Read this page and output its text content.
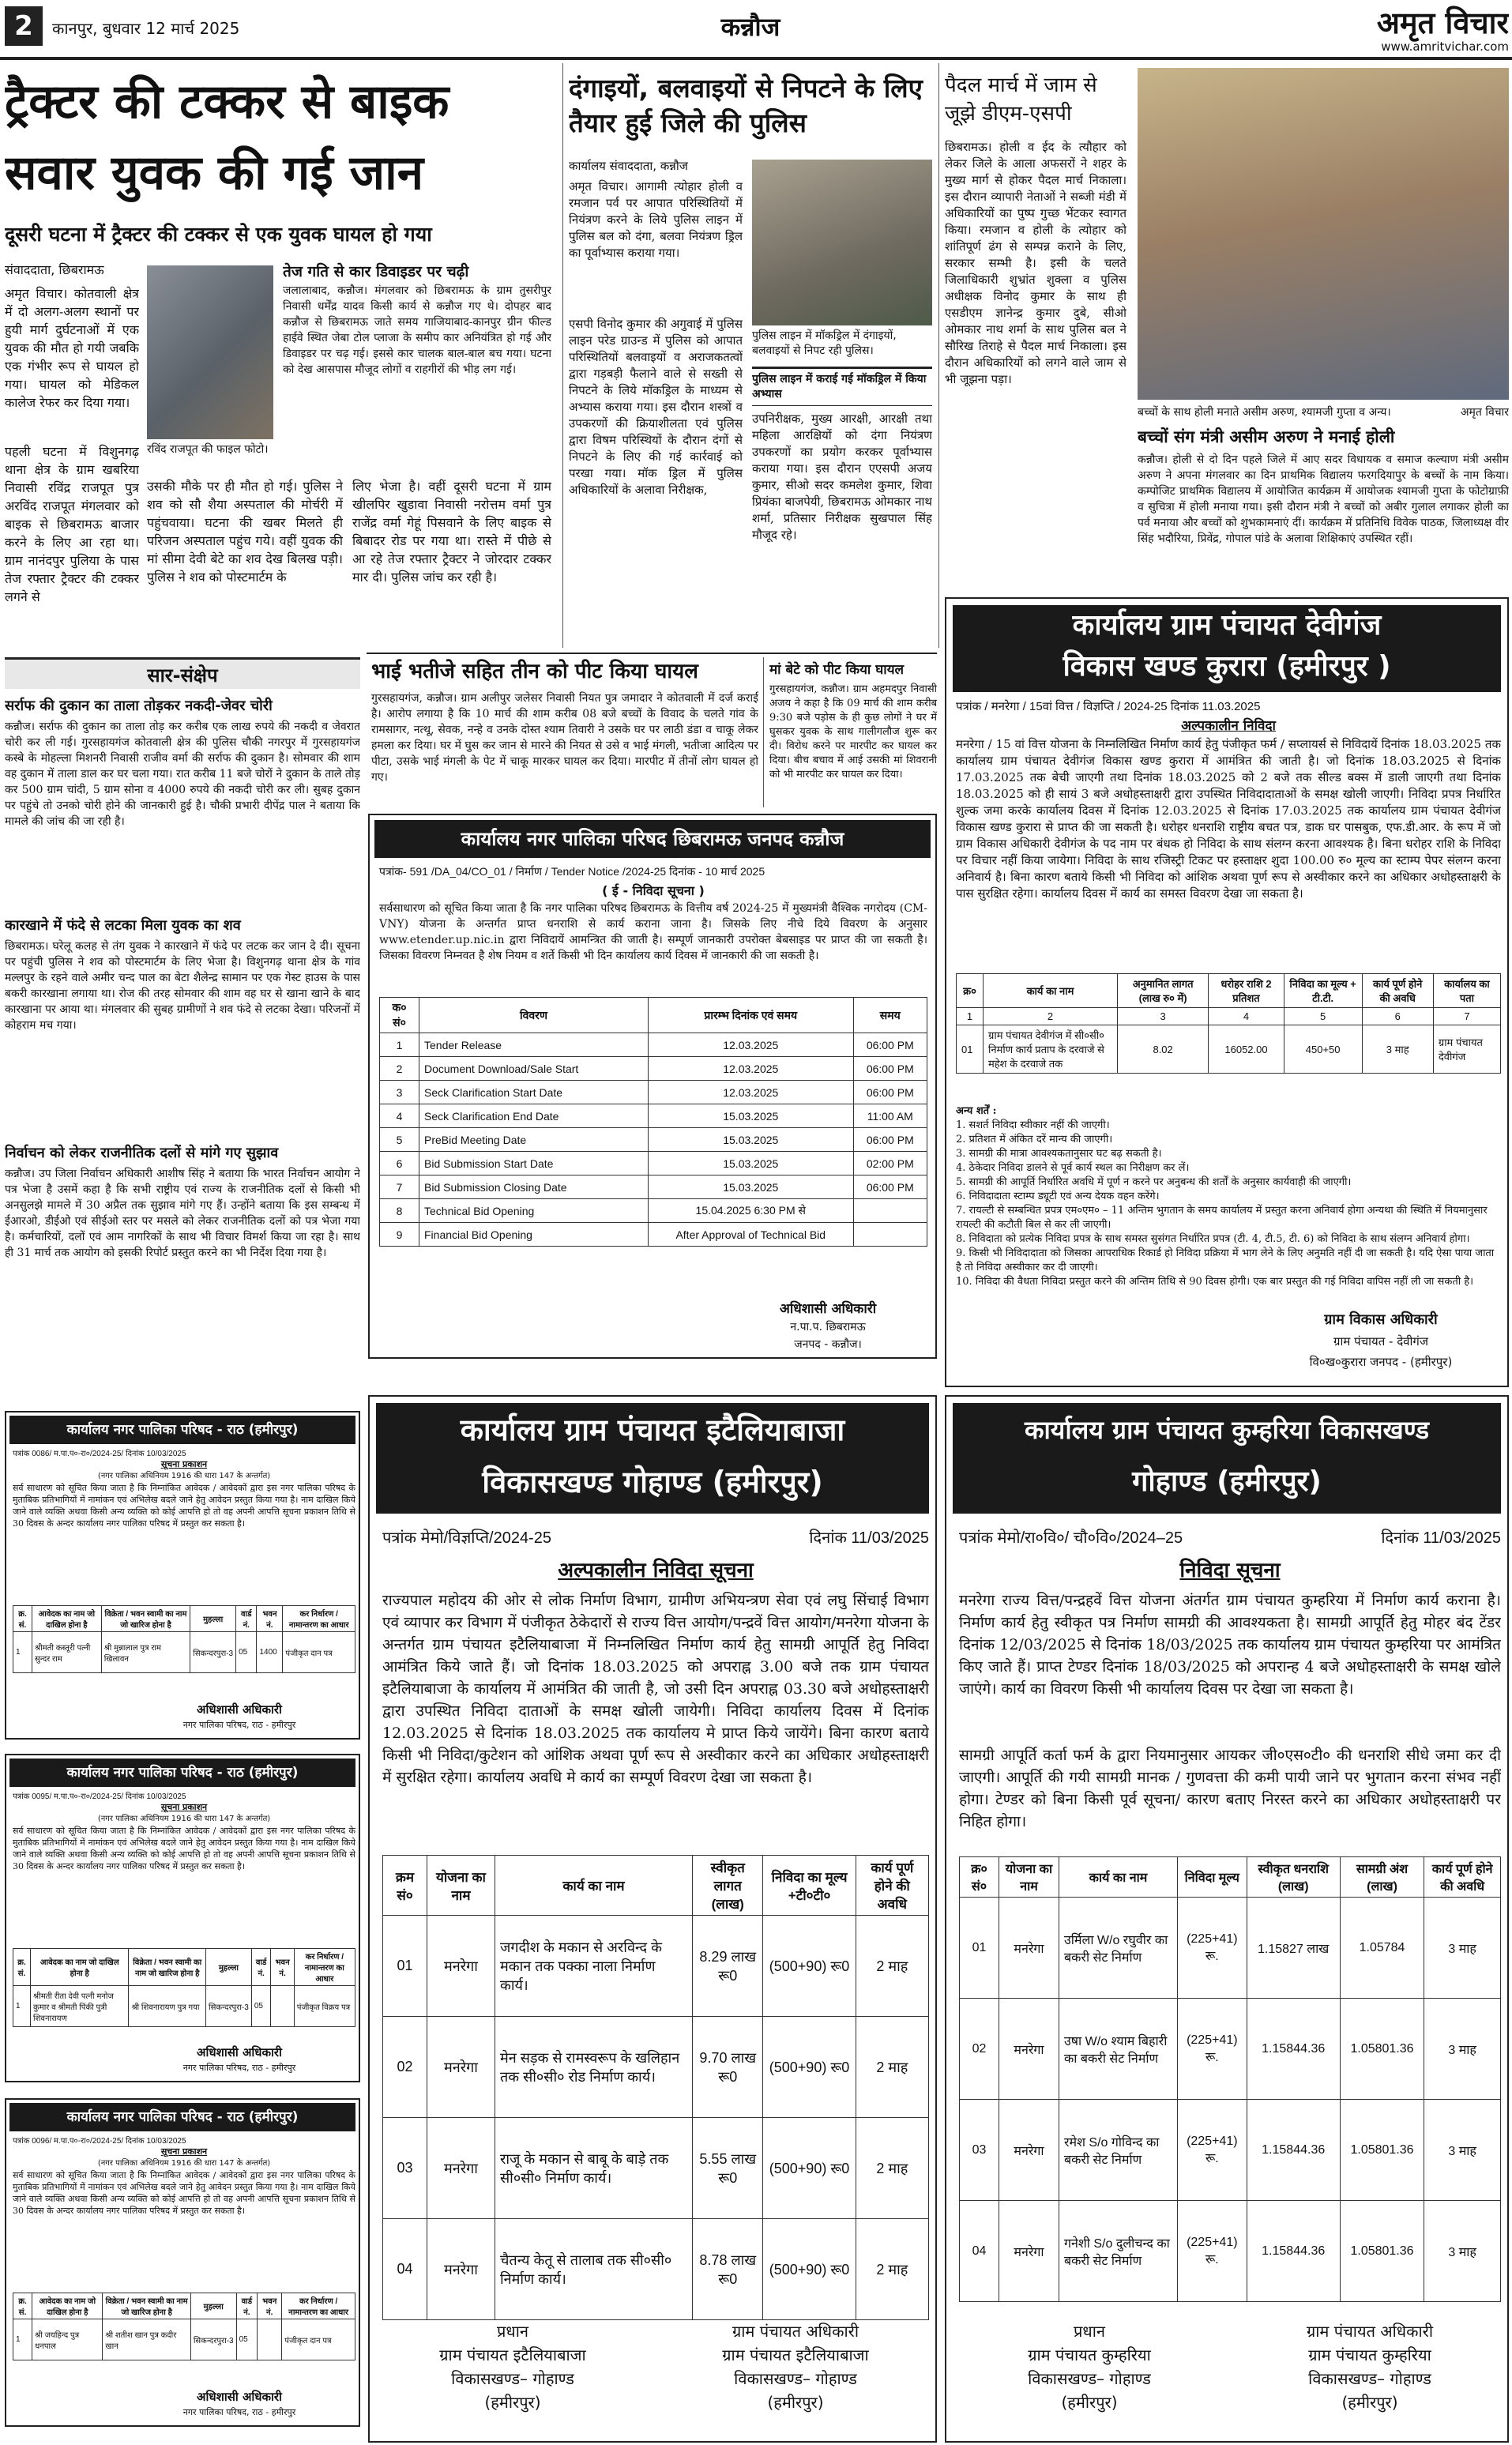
2	कानपुर, बुधवार 12 मार्च 2025	कन्नौज	अमृत विचार
www.amritvichar.com
ट्रैक्टर की टक्कर से बाइक
सवार युवक की गई जान
दूसरी घटना में ट्रैक्टर की टक्कर से एक युवक घायल हो गया
संवाददाता, छिबरामऊ
अमृत विचार। कोतवाली क्षेत्र में दो अलग-अलग स्थानों पर हुयी मार्ग दुर्घटनाओं में एक युवक की मौत हो गयी जबकि एक गंभीर रूप से घायल हो गया। घायल को मेडिकल कालेज रेफर कर दिया गया।
रविंद राजपूत की फाइल फोटो।
तेज गति से कार डिवाइडर पर चढ़ी
जलालाबाद, कन्नौज। मंगलवार को छिबरामऊ के ग्राम तुसरीपुर निवासी धर्मेंद्र यादव किसी कार्य से कन्नौज गए थे। दोपहर बाद कन्नौज से छिबरामऊ जाते समय गाजियाबाद-कानपुर ग्रीन फील्ड हाईवे स्थित जेबा टोल प्लाजा के समीप कार अनियंत्रित हो गई और डिवाइडर पर चढ़ गई। इससे कार चालक बाल-बाल बच गया। घटना को देख आसपास मौजूद लोगों व राहगीरों की भीड़ लग गई।
पहली घटना में विशुनगढ़ थाना क्षेत्र के ग्राम खबरिया निवासी रविंद्र राजपूत पुत्र अरविंद राजपूत मंगलवार को बाइक से छिबरामऊ बाजार करने के लिए आ रहा था। ग्राम नानंदपुर पुलिया के पास तेज रफ्तार ट्रैक्टर की टक्कर लगने से
उसकी मौके पर ही मौत हो गई। पुलिस ने शव को सौ शैया अस्पताल की मोर्चरी में पहुंचवाया। घटना की खबर मिलते ही परिजन अस्पताल पहुंच गये। वहीं युवक की मां सीमा देवी बेटे का शव देख बिलख पड़ी। पुलिस ने शव को पोस्टमार्टम के
लिए भेजा है। वहीं दूसरी घटना में ग्राम खीलपिर खुडावा निवासी नरोत्तम वर्मा पुत्र राजेंद्र वर्मा गेहूं पिसवाने के लिए बाइक से बिबादर रोड पर गया था। रास्ते में पीछे से आ रहे तेज रफ्तार ट्रैक्टर ने जोरदार टक्कर मार दी। पुलिस जांच कर रही है।
दंगाइयों, बलवाइयों से निपटने के लिए तैयार हुई जिले की पुलिस
कार्यालय संवाददाता, कन्नौज
अमृत विचार। आगामी त्योहार होली व रमजान पर्व पर आपात परिस्थितियों में नियंत्रण करने के लिये पुलिस लाइन में पुलिस बल को दंगा, बलवा नियंत्रण ड्रिल का पूर्वाभ्यास कराया गया।
एसपी विनोद कुमार की अगुवाई में पुलिस लाइन परेड ग्राउन्ड में पुलिस को आपात परिस्थितियों बलवाइयों व अराजकतत्वों द्वारा गड़बड़ी फैलाने वाले से सख्ती से निपटने के लिये मॉकड्रिल के माध्यम से अभ्यास कराया गया। इस दौरान शस्त्रों व उपकरणों की क्रियाशीलता एवं पुलिस द्वारा विषम परिस्थियों के दौरान दंगों से निपटने के लिए की गई कार्रवाई को परखा गया। मॉक ड्रिल में पुलिस अधिकारियों के अलावा निरीक्षक,
पुलिस लाइन में मॉकड्रिल में दंगाइयों, बलवाइयों से निपट रही पुलिस।
पुलिस लाइन में कराई गई मॉकड्रिल में किया अभ्यास
उपनिरीक्षक, मुख्य आरक्षी, आरक्षी तथा महिला आरक्षियों को दंगा नियंत्रण उपकरणों का प्रयोग करकर पूर्वाभ्यास कराया गया। इस दौरान एएसपी अजय कुमार, सीओ सदर कमलेश कुमार, शिवा प्रियंका बाजपेयी, छिबरामऊ ओमकार नाथ शर्मा, प्रतिसार निरीक्षक सुखपाल सिंह मौजूद रहे।
पैदल मार्च में जाम से जूझे डीएम-एसपी
छिबरामऊ। होली व ईद के त्यौहार को लेकर जिले के आला अफसरों ने शहर के मुख्य मार्ग से होकर पैदल मार्च निकाला। इस दौरान व्यापारी नेताओं ने सब्जी मंडी में अधिकारियों का पुष्प गुच्छ भेंटकर स्वागत किया। रमजान व होली के त्योहार को शांतिपूर्ण ढंग से सम्पन्न कराने के लिए, सरकार सम्भी है। इसी के चलते जिलाधिकारी शुभ्रांत शुक्ला व पुलिस अधीक्षक विनोद कुमार के साथ ही एसडीएम ज्ञानेन्द्र कुमार दुबे, सीओ ओमकार नाथ शर्मा के साथ पुलिस बल ने सौरिख तिराहे से पैदल मार्च निकाला। इस दौरान अधिकारियों को लगने वाले जाम से भी जूझना पड़ा।
बच्चों के साथ होली मनाते असीम अरुण, श्यामजी गुप्ता व अन्य।	अमृत विचार
बच्चों संग मंत्री असीम अरुण ने मनाई होली
कन्नौज। होली से दो दिन पहले जिले में आए सदर विधायक व समाज कल्याण मंत्री असीम अरुण ने अपना मंगलवार का दिन प्राथमिक विद्यालय फरगदियापुर के बच्चों के नाम किया। कम्पोजिट प्राथमिक विद्यालय में आयोजित कार्यक्रम में आयोजक श्यामजी गुप्ता के फोटोग्राफ़ी व सुचित्रा में होली मनाया गया। इसी दौरान मंत्री ने बच्चों को अबीर गुलाल लगाकर होली का पर्व मनाया और बच्चों को शुभकामनाएं दीं। कार्यक्रम में प्रतिनिधि विवेक पाठक, जिलाध्यक्ष वीर सिंह भदौरिया, प्रिवेंद्र, गोपाल पांडे के अलावा शिक्षिकाएं उपस्थित रहीं।
कार्यालय ग्राम पंचायत देवीगंज
विकास खण्ड कुरारा (हमीरपुर )
पत्रांक / मनरेगा / 15वां वित्त / विज्ञप्ति / 2024-25 दिनांक 11.03.2025
अल्पकालीन निविदा
मनरेगा / 15 वां वित्त योजना के निम्नलिखित निर्माण कार्य हेतु पंजीकृत फर्म / सप्लायर्स से निविदायें दिनांक 18.03.2025 तक कार्यालय ग्राम पंचायत देवीगंज विकास खण्ड कुरारा में आमंत्रित की जाती है। जो दिनांक 18.03.2025 से दिनांक 17.03.2025 तक बेची जाएगी तथा दिनांक 18.03.2025 को 2 बजे तक सील्ड बक्स में डाली जाएगी तथा दिनांक 18.03.2025 को ही सायं 3 बजे अधोहस्ताक्षरी द्वारा उपस्थित निविदादाताओं के समक्ष खोली जाएगी। निविदा प्रपत्र निर्धारित शुल्क जमा करके कार्यालय दिवस में दिनांक 12.03.2025 से दिनांक 17.03.2025 तक कार्यालय ग्राम पंचायत देवीगंज विकास खण्ड कुरारा से प्राप्त की जा सकती है। धरोहर धनराशि राष्ट्रीय बचत पत्र, डाक घर पासबुक, एफ.डी.आर. के रूप में जो ग्राम विकास अधिकारी देवीगंज के पद नाम पर बंधक हो निविदा के साथ संलग्न करना आवश्यक है। बिना धरोहर राशि के निविदा पर विचार नहीं किया जायेगा। निविदा के साथ रजिस्ट्री टिकट पर हस्ताक्षर शुदा 100.00 रु० मूल्य का स्टाम्प पेपर संलग्न करना अनिवार्य है। बिना कारण बताये किसी भी निविदा को आंशिक अथवा पूर्ण रूप से अस्वीकार करने का अधिकार अधोहस्ताक्षरी के पास सुरक्षित रहेगा। कार्यालय दिवस में कार्य का समस्त विवरण देखा जा सकता है।
क्र०	कार्य का नाम	अनुमानित लागत (लाख रु० में)	धरोहर राशि 2 प्रतिशत	निविदा का मूल्य + टी.टी.	कार्य पूर्ण होने की अवधि	कार्यालय का पता
1	2	3	4	5	6	7
01	ग्राम पंचायत देवीगंज में सी०सी० निर्माण कार्य प्रताप के दरवाजे से महेश के दरवाजे तक	8.02	16052.00	450+50	3 माह	ग्राम पंचायत देवीगंज
अन्य शर्तें :
1. सशर्त निविदा स्वीकार नहीं की जाएगी।
2. प्रतिशत में अंकित दरें मान्य की जाएगी।
3. सामग्री की मात्रा आवश्यकतानुसार घट बढ़ सकती है।
4. ठेकेदार निविदा डालने से पूर्व कार्य स्थल का निरीक्षण कर लें।
5. सामग्री की आपूर्ति निर्धारित अवधि में पूर्ण न करने पर अनुबन्ध की शर्तों के अनुसार कार्यवाही की जाएगी।
6. निविदादाता स्टाम्प ड्यूटी एवं अन्य देयक वहन करेंगे।
7. रायल्टी से सम्बन्धित प्रपत्र एम०एम० – 11 अन्तिम भुगतान के समय कार्यालय में प्रस्तुत करना अनिवार्य होगा अन्यथा की स्थिति में नियमानुसार रायल्टी की कटौती बिल से कर ली जाएगी।
8. निविदाता को प्रत्येक निविदा प्रपत्र के साथ समस्त सुसंगत निर्धारित प्रपत्र (टी. 4, टी.5, टी. 6) को निविदा के साथ संलग्न अनिवार्य होगा।
9. किसी भी निविदादाता को जिसका आपराधिक रिकार्ड हो निविदा प्रक्रिया में भाग लेने के लिए अनुमति नहीं दी जा सकती है। यदि ऐसा पाया जाता है तो निविदा अस्वीकार कर दी जाएगी।
10. निविदा की वैधता निविदा प्रस्तुत करने की अन्तिम तिथि से 90 दिवस होगी। एक बार प्रस्तुत की गई निविदा वापिस नहीं ली जा सकती है।
ग्राम विकास अधिकारी
ग्राम पंचायत - देवीगंज
वि०ख०कुरारा जनपद - (हमीरपुर)
भाई भतीजे सहित तीन को पीट किया घायल
गुरसहायगंज, कन्नौज। ग्राम अलीपुर जलेसर निवासी नियत पुत्र जमादार ने कोतवाली में दर्ज कराई है। आरोप लगाया है कि 10 मार्च की शाम करीब 08 बजे बच्चों के विवाद के चलते गांव के रामसागर, नत्थू, सेवक, नन्हे व उनके दोस्त श्याम तिवारी ने उसके घर पर लाठी डंडा व चाकू लेकर हमला कर दिया। घर में घुस कर जान से मारने की नियत से उसे व भाई मंगली, भतीजा आदित्य पर पीटा, उसके भाई मंगली के पेट में चाकू मारकर घायल कर दिया। मारपीट में तीनों लोग घायल हो गए।
मां बेटे को पीट किया घायल
गुरसहायगंज, कन्नौज। ग्राम अहमदपुर निवासी अजय ने कहा है कि 09 मार्च की शाम करीब 9:30 बजे पड़ोस के ही कुछ लोगों ने घर में घुसकर युवक के साथ गालीगलौज शुरू कर दी। विरोध करने पर मारपीट कर घायल कर दिया। बीच बचाव में आई उसकी मां शिवरानी को भी मारपीट कर घायल कर दिया।
सार-संक्षेप
सर्राफ की दुकान का ताला तोड़कर नकदी-जेवर चोरी
कन्नौज। सर्राफ की दुकान का ताला तोड़ कर करीब एक लाख रुपये की नकदी व जेवरात चोरी कर ली गई। गुरसहायगंज कोतवाली क्षेत्र की पुलिस चौकी नगरपुर में गुरसहायगंज कस्बे के मोहल्ला मिशनरी निवासी राजीव वर्मा की सर्राफ की दुकान है। सोमवार की शाम वह दुकान में ताला डाल कर घर चला गया। रात करीब 11 बजे चोरों ने दुकान के ताले तोड़ कर 500 ग्राम चांदी, 5 ग्राम सोना व 4000 रुपये की नकदी चोरी कर ली। सुबह दुकान पर पहुंचे तो उनको चोरी होने की जानकारी हुई है। चौकी प्रभारी दीपेंद्र पाल ने बताया कि मामले की जांच की जा रही है।
कारखाने में फंदे से लटका मिला युवक का शव
छिबरामऊ। घरेलू कलह से तंग युवक ने कारखाने में फंदे पर लटक कर जान दे दी। सूचना पर पहुंची पुलिस ने शव को पोस्टमार्टम के लिए भेजा है। विशुनगढ़ थाना क्षेत्र के गांव मल्लपुर के रहने वाले अमीर चन्द पाल का बेटा शैलेन्द्र सामान पर एक गेस्ट हाउस के पास बकरी कारखाना लगाया था। रोज की तरह सोमवार की शाम वह घर से खाना खाने के बाद कारखाना पर आया था। मंगलवार की सुबह ग्रामीणों ने शव फंदे से लटका देखा। परिजनों में कोहराम मच गया।
निर्वाचन को लेकर राजनीतिक दलों से मांगे गए सुझाव
कन्नौज। उप जिला निर्वाचन अधिकारी आशीष सिंह ने बताया कि भारत निर्वाचन आयोग ने पत्र भेजा है उसमें कहा है कि सभी राष्ट्रीय एवं राज्य के राजनीतिक दलों से किसी भी अनसुलझे मामले में 30 अप्रैल तक सुझाव मांगे गए हैं। उन्होंने बताया कि इस सम्बन्ध में ईआरओ, डीईओ एवं सीईओ स्तर पर मसले को लेकर राजनीतिक दलों को पत्र भेजा गया है। कर्मचारियों, दलों एवं आम नागरिकों के साथ भी विचार विमर्श किया जा रहा है। साथ ही 31 मार्च तक आयोग को इसकी रिपोर्ट प्रस्तुत करने का भी निर्देश दिया गया है।
कार्यालय नगर पालिका परिषद छिबरामऊ जनपद कन्नौज
पत्रांक- 591 /DA_04/CO_01 / निर्माण / Tender Notice /2024-25 दिनांक - 10 मार्च 2025
( ई - निविदा सूचना )
सर्वसाधारण को सूचित किया जाता है कि नगर पालिका परिषद छिबरामऊ के वित्तीय वर्ष 2024-25 में मुख्यमंत्री वैश्विक नगरोदय (CM-VNY) योजना के अन्तर्गत प्राप्त धनराशि से कार्य कराना जाना है। जिसके लिए नीचे दिये विवरण के अनुसार www.etender.up.nic.in द्वारा निविदायें आमन्त्रित की जाती है। सम्पूर्ण जानकारी उपरोक्त बेबसाइड पर प्राप्त की जा सकती है। जिसका विवरण निम्नवत है शेष नियम व शर्ते किसी भी दिन कार्यालय कार्य दिवस में जानकारी की जा सकती है।
क० सं०	विवरण	प्रारम्भ दिनांक एवं समय	समय
1	Tender Release	12.03.2025	06:00 PM
2	Document Download/Sale Start	12.03.2025	06:00 PM
3	Seck Clarification Start Date	12.03.2025	06:00 PM
4	Seck Clarification End Date	15.03.2025	11:00 AM
5	PreBid Meeting Date	15.03.2025	06:00 PM
6	Bid Submission Start Date	15.03.2025	02:00 PM
7	Bid Submission Closing Date	15.03.2025	06:00 PM
8	Technical Bid Opening	15.04.2025 6:30 PM से	
9	Financial Bid Opening	After Approval of Technical Bid	
अधिशासी अधिकारी
न.पा.प. छिबरामऊ
जनपद - कन्नौज।
कार्यालय नगर पालिका परिषद - राठ (हमीरपुर)
पत्रांक 0086/ म.पा.प०-रा०/2024-25/ दिनांक 10/03/2025
सूचना प्रकाशन
(नगर पालिका अधिनियम 1916 की धारा 147 के अन्तर्गत)
सर्व साधारण को सूचित किया जाता है कि निम्नांकित आवेदक / आवेदकों द्वारा इस नगर पालिका परिषद के मुताबिक प्रतिभागियों में नामांकन एवं अभिलेख बदले जाने हेतु आवेदन प्रस्तुत किया गया है। नाम दाखिल किये जाने वाले व्यक्ति अथवा किसी अन्य व्यक्ति को कोई आपत्ति हो तो वह अपनी आपत्ति सूचना प्रकाशन तिथि से 30 दिवस के अन्दर कार्यालय नगर पालिका परिषद में प्रस्तुत कर सकता है।
क्र. सं.	आवेदक का नाम जो दाखिल होना है	विक्रेता / भवन स्वामी का नाम जो खारिज होना है	मुहल्ला	वार्ड नं.	भवन नं.	कर निर्धारण / नामान्तरण का आधार
1	श्रीमती कस्तूरी पत्नी सुन्दर राम	श्री मुन्नालाल पुत्र राम खिलावन	सिकन्दरपुरा-3	05	1400	पंजीकृत दान पत्र
अधिशासी अधिकारी
नगर पालिका परिषद, राठ - हमीरपुर
कार्यालय नगर पालिका परिषद - राठ (हमीरपुर)
पत्रांक 0095/ म.पा.प०-रा०/2024-25/ दिनांक 10/03/2025
सूचना प्रकाशन
(नगर पालिका अधिनियम 1916 की धारा 147 के अन्तर्गत)
सर्व साधारण को सूचित किया जाता है कि निम्नांकित आवेदक / आवेदकों द्वारा इस नगर पालिका परिषद के मुताबिक प्रतिभागियों में नामांकन एवं अभिलेख बदले जाने हेतु आवेदन प्रस्तुत किया गया है। नाम दाखिल किये जाने वाले व्यक्ति अथवा किसी अन्य व्यक्ति को कोई आपत्ति हो तो वह अपनी आपत्ति सूचना प्रकाशन तिथि से 30 दिवस के अन्दर कार्यालय नगर पालिका परिषद में प्रस्तुत कर सकता है।
क्र. सं.	आवेदक का नाम जो दाखिल होना है	विक्रेता / भवन स्वामी का नाम जो खारिज होना है	मुहल्ला	वार्ड नं.	भवन नं.	कर निर्धारण / नामान्तरण का आधार
1	श्रीमती रीता देवी पत्नी मनोज कुमार व श्रीमती पिंकी पुत्री शिवनारायण	श्री शिवनारायण पुत्र गया	सिकन्दरपुरा-3	05		पंजीकृत विक्रय पत्र
अधिशासी अधिकारी
नगर पालिका परिषद, राठ - हमीरपुर
कार्यालय नगर पालिका परिषद - राठ (हमीरपुर)
पत्रांक 0096/ म.पा.प०-रा०/2024-25/ दिनांक 10/03/2025
सूचना प्रकाशन
(नगर पालिका अधिनियम 1916 की धारा 147 के अन्तर्गत)
सर्व साधारण को सूचित किया जाता है कि निम्नांकित आवेदक / आवेदकों द्वारा इस नगर पालिका परिषद के मुताबिक प्रतिभागियों में नामांकन एवं अभिलेख बदले जाने हेतु आवेदन प्रस्तुत किया गया है। नाम दाखिल किये जाने वाले व्यक्ति अथवा किसी अन्य व्यक्ति को कोई आपत्ति हो तो वह अपनी आपत्ति सूचना प्रकाशन तिथि से 30 दिवस के अन्दर कार्यालय नगर पालिका परिषद में प्रस्तुत कर सकता है।
क्र. सं.	आवेदक का नाम जो दाखिल होना है	विक्रेता / भवन स्वामी का नाम जो खारिज होना है	मुहल्ला	वार्ड नं.	भवन नं.	कर निर्धारण / नामान्तरण का आधार
1	श्री जयहिन्द पुत्र धनपाल	श्री शतीश खान पुत्र कदीर खान	सिकन्दरपुरा-3	05		पंजीकृत दान पत्र
अधिशासी अधिकारी
नगर पालिका परिषद, राठ - हमीरपुर
कार्यालय ग्राम पंचायत इटैलियाबाजा
विकासखण्ड गोहाण्ड (हमीरपुर)
पत्रांक मेमो/विज्ञप्ति/2024-25	दिनांक 11/03/2025
अल्पकालीन निविदा सूचना
राज्यपाल महोदय की ओर से लोक निर्माण विभाग, ग्रामीण अभियन्त्रण सेवा एवं लघु सिंचाई विभाग एवं व्यापार कर विभाग में पंजीकृत ठेकेदारों से राज्य वित्त आयोग/पन्द्रवें वित्त आयोग/मनरेगा योजना के अन्तर्गत ग्राम पंचायत इटैलियाबाजा में निम्नलिखित निर्माण कार्य हेतु सामग्री आपूर्ति हेतु निविदा आमंत्रित किये जाते हैं। जो दिनांक 18.03.2025 को अपराह्न 3.00 बजे तक ग्राम पंचायत इटैलियाबाजा के कार्यालय में आमंत्रित की जाती है, जो उसी दिन अपराह्न 03.30 बजे अधोहस्ताक्षरी द्वारा उपस्थित निविदा दाताओं के समक्ष खोली जायेगी। निविदा कार्यालय दिवस में दिनांक 12.03.2025 से दिनांक 18.03.2025 तक कार्यालय मे प्राप्त किये जायेंगे। बिना कारण बताये किसी भी निविदा/कुटेशन को आंशिक अथवा पूर्ण रूप से अस्वीकार करने का अधिकार अधोहस्ताक्षरी में सुरक्षित रहेगा। कार्यालय अवधि मे कार्य का सम्पूर्ण विवरण देखा जा सकता है।
क्रम सं०	योजना का नाम	कार्य का नाम	स्वीकृत लागत (लाख)	निविदा का मूल्य +टी०टी०	कार्य पूर्ण होने की अवधि
01	मनरेगा	जगदीश के मकान से अरविन्द के मकान तक पक्का नाला निर्माण कार्य।	8.29 लाख रू0	(500+90) रू0	2 माह
02	मनरेगा	मेन सड़क से रामस्वरूप के खलिहान तक सी०सी० रोड निर्माण कार्य।	9.70 लाख रू0	(500+90) रू0	2 माह
03	मनरेगा	राजू के मकान से बाबू के बाड़े तक सी०सी० निर्माण कार्य।	5.55 लाख रू0	(500+90) रू0	2 माह
04	मनरेगा	चैतन्य केतू से तालाब तक सी०सी० निर्माण कार्य।	8.78 लाख रू0	(500+90) रू0	2 माह
प्रधान
ग्राम पंचायत इटैलियाबाजा
विकासखण्ड– गोहाण्ड
(हमीरपुर)
ग्राम पंचायत अधिकारी
ग्राम पंचायत इटैलियाबाजा
विकासखण्ड– गोहाण्ड
(हमीरपुर)
कार्यालय ग्राम पंचायत कुम्हरिया विकासखण्ड
गोहाण्ड (हमीरपुर)
पत्रांक मेमो/रा०वि०/ चौ०वि०/2024–25	दिनांक 11/03/2025
निविदा सूचना
मनरेगा राज्य वित्त/पन्द्रहवें वित्त योजना अंतर्गत ग्राम पंचायत कुम्हरिया में निर्माण कार्य कराना है। निर्माण कार्य हेतु स्वीकृत पत्र निर्माण सामग्री की आवश्यकता है। सामग्री आपूर्ति हेतु मोहर बंद टेंडर दिनांक 12/03/2025 से दिनांक 18/03/2025 तक कार्यालय ग्राम पंचायत कुम्हरिया पर आमंत्रित किए जाते हैं। प्राप्त टेण्डर दिनांक 18/03/2025 को अपरान्ह 4 बजे अधोहस्ताक्षरी के समक्ष खोले जाएंगे। कार्य का विवरण किसी भी कार्यालय दिवस पर देखा जा सकता है।
सामग्री आपूर्ति कर्ता फर्म के द्वारा नियमानुसार आयकर जी०एस०टी० की धनराशि सीधे जमा कर दी जाएगी। आपूर्ति की गयी सामग्री मानक / गुणवत्ता की कमी पायी जाने पर भुगतान करना संभव नहीं होगा। टेण्डर को बिना किसी पूर्व सूचना/ कारण बताए निरस्त करने का अधिकार अधोहस्ताक्षरी पर निहित होगा।
क्र० सं०	योजना का नाम	कार्य का नाम	निविदा मूल्य	स्वीकृत धनराशि (लाख)	सामग्री अंश (लाख)	कार्य पूर्ण होने की अवधि
01	मनरेगा	उर्मिला W/o रघुवीर का बकरी सेट निर्माण	(225+41) रू.	1.15827 लाख	1.05784	3 माह
02	मनरेगा	उषा W/o श्याम बिहारी का बकरी सेट निर्माण	(225+41) रू.	1.15844.36	1.05801.36	3 माह
03	मनरेगा	रमेश S/o गोविन्द का बकरी सेट निर्माण	(225+41) रू.	1.15844.36	1.05801.36	3 माह
04	मनरेगा	गनेशी S/o दुलीचन्द का बकरी सेट निर्माण	(225+41) रू.	1.15844.36	1.05801.36	3 माह
प्रधान
ग्राम पंचायत कुम्हरिया
विकासखण्ड– गोहाण्ड
(हमीरपुर)
ग्राम पंचायत अधिकारी
ग्राम पंचायत कुम्हरिया
विकासखण्ड– गोहाण्ड
(हमीरपुर)
